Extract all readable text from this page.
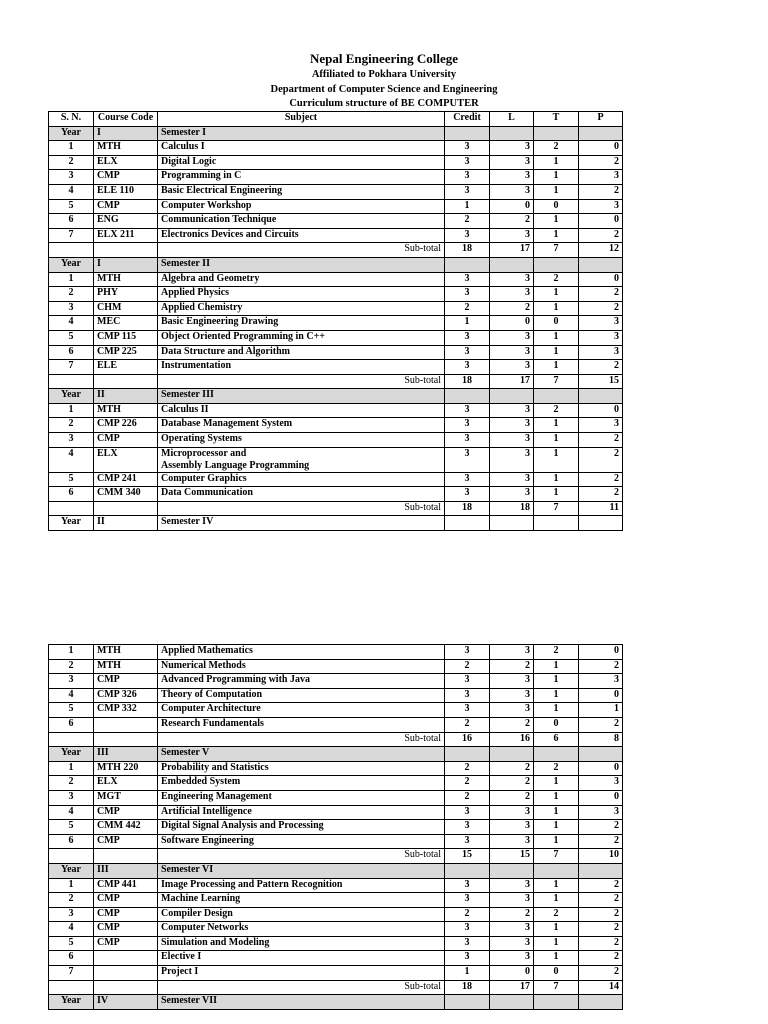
Nepal Engineering College
Affiliated to Pokhara University
Department of Computer Science and Engineering
Curriculum structure of BE COMPUTER
S. N.	Course Code	Subject	Credit	L	T	P
Year	I	Semester I				
1	MTH	Calculus I	3	3	2	0
2	ELX	Digital Logic	3	3	1	2
3	CMP	Programming in C	3	3	1	3
4	ELE 110	Basic Electrical Engineering	3	3	1	2
5	CMP	Computer Workshop	1	0	0	3
6	ENG	Communication Technique	2	2	1	0
7	ELX 211	Electronics Devices and Circuits	3	3	1	2
		Sub-total	18	17	7	12
Year	I	Semester II				
1	MTH	Algebra and Geometry	3	3	2	0
2	PHY	Applied Physics	3	3	1	2
3	CHM	Applied Chemistry	2	2	1	2
4	MEC	Basic Engineering Drawing	1	0	0	3
5	CMP 115	Object Oriented Programming in C++	3	3	1	3
6	CMP 225	Data Structure and Algorithm	3	3	1	3
7	ELE	Instrumentation	3	3	1	2
		Sub-total	18	17	7	15
Year	II	Semester III				
1	MTH	Calculus II	3	3	2	0
2	CMP 226	Database Management System	3	3	1	3
3	CMP	Operating Systems	3	3	1	2
4	ELX	Microprocessor and
Assembly Language Programming	3	3	1	2
5	CMP 241	Computer Graphics	3	3	1	2
6	CMM 340	Data Communication	3	3	1	2
		Sub-total	18	18	7	11
Year	II	Semester IV				
1	MTH	Applied Mathematics	3	3	2	0
2	MTH	Numerical Methods	2	2	1	2
3	CMP	Advanced Programming with Java	3	3	1	3
4	CMP 326	Theory of Computation	3	3	1	0
5	CMP 332	Computer Architecture	3	3	1	1
6		Research Fundamentals	2	2	0	2
		Sub-total	16	16	6	8
Year	III	Semester V				
1	MTH 220	Probability and Statistics	2	2	2	0
2	ELX	Embedded System	2	2	1	3
3	MGT	Engineering Management	2	2	1	0
4	CMP	Artificial Intelligence	3	3	1	3
5	CMM 442	Digital Signal Analysis and Processing	3	3	1	2
6	CMP	Software Engineering	3	3	1	2
		Sub-total	15	15	7	10
Year	III	Semester VI				
1	CMP 441	Image Processing and Pattern Recognition	3	3	1	2
2	CMP	Machine Learning	3	3	1	2
3	CMP	Compiler Design	2	2	2	2
4	CMP	Computer Networks	3	3	1	2
5	CMP	Simulation and Modeling	3	3	1	2
6		Elective I	3	3	1	2
7		Project I	1	0	0	2
		Sub-total	18	17	7	14
Year	IV	Semester VII				
